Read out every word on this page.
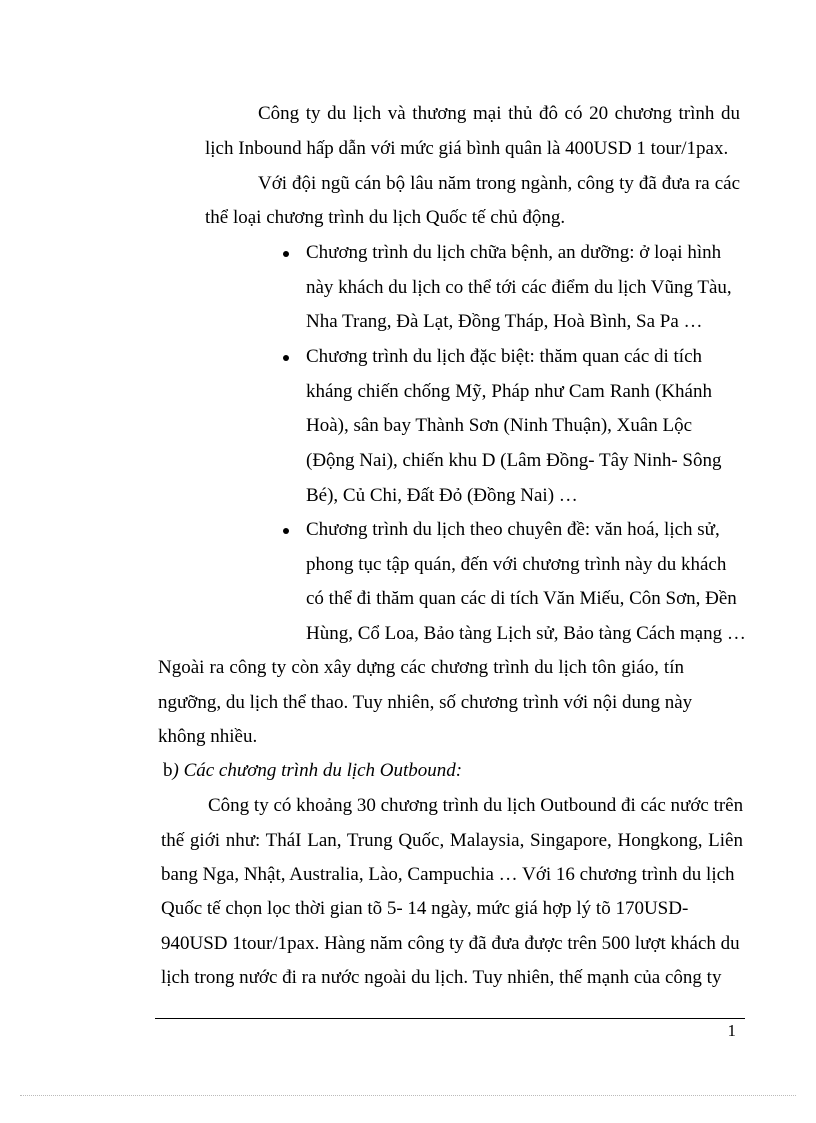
Công ty du lịch và thương mại thủ đô có 20 chương trình du
lịch Inbound hấp dẫn với mức giá bình quân là 400USD 1 tour/1pax.
Với đội ngũ cán bộ lâu năm trong ngành, công ty đã đưa ra các
thể loại chương trình du lịch Quốc tế chủ động.
Chương trình du lịch chữa bệnh, an dưỡng: ở loại hình
này khách du lịch co thể tới các điểm du lịch Vũng Tàu,
Nha Trang, Đà Lạt, Đồng Tháp, Hoà Bình, Sa Pa …
Chương trình du lịch đặc biệt: thăm quan các di tích
kháng chiến chống Mỹ, Pháp như Cam Ranh (Khánh
Hoà), sân bay Thành Sơn (Ninh Thuận), Xuân Lộc
(Động Nai), chiến khu D (Lâm Đồng- Tây Ninh- Sông
Bé), Củ Chi, Đất Đỏ (Đồng Nai) …
Chương trình du lịch theo chuyên đề: văn hoá, lịch sử,
phong tục tập quán, đến với chương trình này du khách
có thể đi thăm quan các di tích Văn Miếu, Côn Sơn, Đền
Hùng, Cổ Loa, Bảo tàng Lịch sử, Bảo tàng Cách mạng …
Ngoài ra công ty còn xây dựng các chương trình du lịch tôn giáo, tín
ngưỡng, du lịch thể thao. Tuy nhiên, số chương trình với nội dung này
không nhiều.
b) Các chương trình du lịch Outbound:
Công ty có khoảng 30 chương trình du lịch Outbound đi các nước trên
thế giới như: TháI Lan, Trung Quốc, Malaysia, Singapore, Hongkong, Liên
bang Nga, Nhật, Australia, Lào, Campuchia … Với 16 chương trình du lịch
Quốc tế chọn lọc thời gian tõ 5- 14 ngày, mức giá hợp lý tõ 170USD-
940USD 1tour/1pax. Hàng năm công ty đã đưa được trên 500 lượt khách du
lịch trong nước đi ra nước ngoài du lịch. Tuy nhiên, thế mạnh của công ty
1
